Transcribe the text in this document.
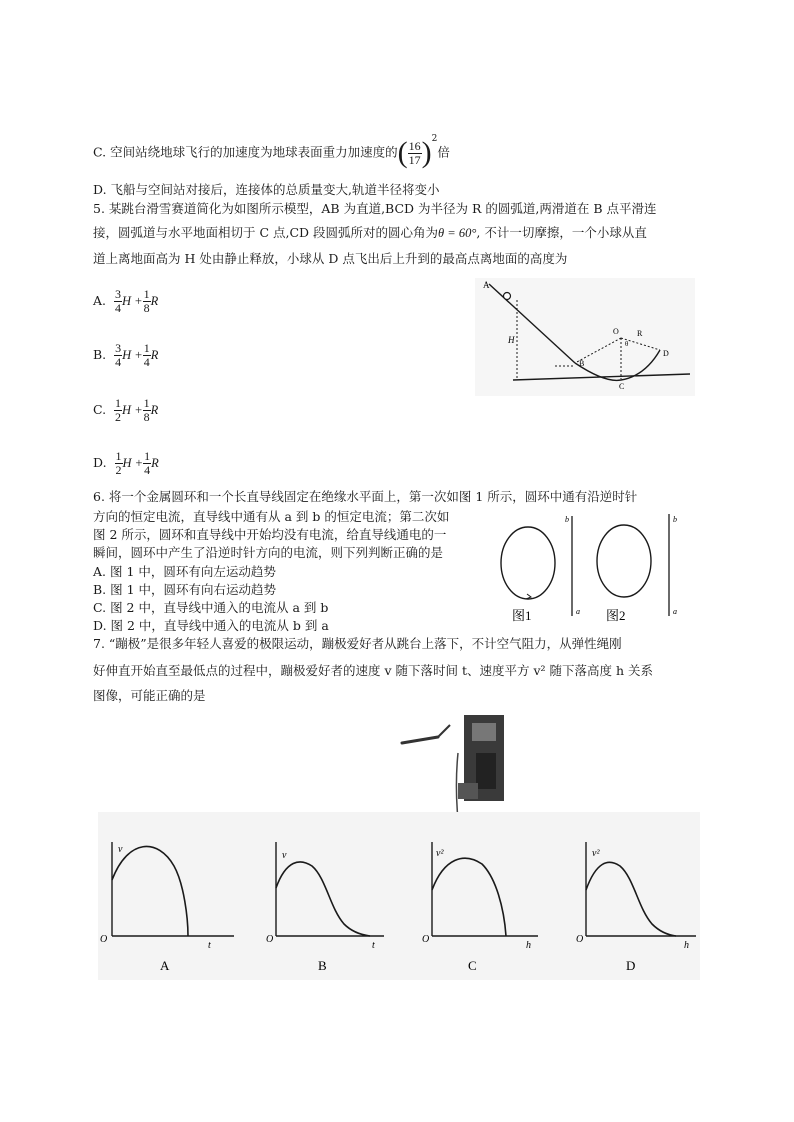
C. 空间站绕地球飞行的加速度为地球表面重力加速度的( $\frac{16}{17} )^2$倍
D. 飞船与空间站对接后，连接体的总质量变大,轨道半径将变小
5. 某跳台滑雪赛道简化为如图所示模型，AB 为直道,BCD 为半径为 R 的圆弧道,两滑道在 B 点平滑连
接，圆弧道与水平地面相切于 C 点,CD 段圆弧所对的圆心角为θ = 60°, 不计一切摩擦，一个小球从直
道上离地面高为 H 处由静止释放，小球从 D 点飞出后上升到的最高点离地面的高度为
A. $\frac{3}{4}$ $H + \frac{1}{8}$ R
B. $\frac{3}{4}$ $H + \frac{1}{4}$ R
C. $\frac{1}{2}$ $H + \frac{1}{8}$ R
D. $\frac{1}{2}$ $H + \frac{1}{4}$ R
A
H
B
C
O R
D
θ
6. 将一个金属圆环和一个长直导线固定在绝缘水平面上，第一次如图 1 所示，圆环中通有沿逆时针
方向的恒定电流，直导线中通有从 a 到 b 的恒定电流；第二次如
图 2 所示，圆环和直导线中开始均没有电流，给直导线通电的一
瞬间，圆环中产生了沿逆时针方向的电流，则下列判断正确的是
A. 图 1 中，圆环有向左运动趋势
B. 图 1 中，圆环有向右运动趋势
C. 图 2 中，直导线中通入的电流从 a 到 b
D. 图 2 中，直导线中通入的电流从 b 到 a
b
a
图1
b
a
图2
7. “蹦极”是很多年轻人喜爱的极限运动，蹦极爱好者从跳台上落下，不计空气阻力，从弹性绳刚
好伸直开始直至最低点的过程中，蹦极爱好者的速度 v 随下落时间 t、速度平方 v² 随下落高度 h 关系
图像，可能正确的是
v
t
O
A
v
t
O
B
v²
h
O
C
v²
h
O
D
